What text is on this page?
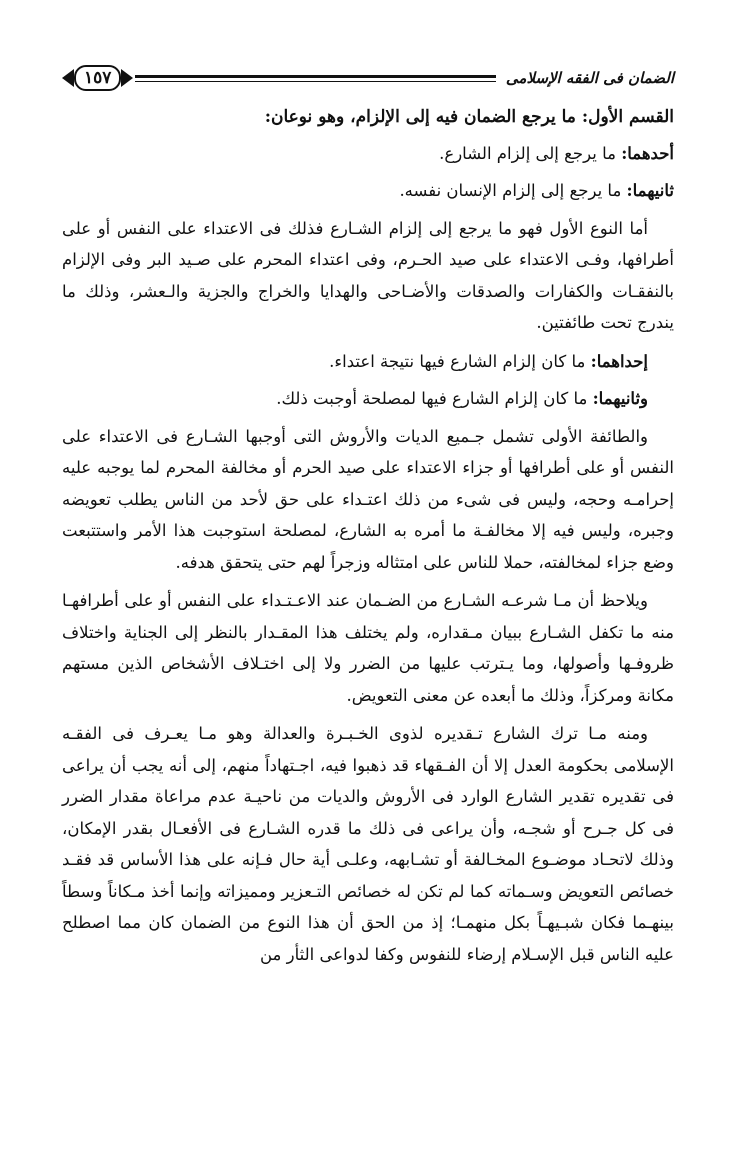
الضمان فى الفقه الإسلامى
١٥٧

القسم الأول: ما يرجع الضمان فيه إلى الإلزام، وهو نوعان:

أحدهما: ما يرجع إلى إلزام الشارع.

ثانيهما: ما يرجع إلى إلزام الإنسان نفسه.

أما النوع الأول فهو ما يرجع إلى إلزام الشـارع فذلك فى الاعتداء على النفس أو على أطرافها، وفـى الاعتداء على صيد الحـرم، وفى اعتداء المحرم على صـيد البر وفى الإلزام بالنفقـات والكفارات والصدقات والأضـاحى والهدايا والخراج والجزية والـعشر، وذلك ما يندرج تحت طائفتين.

إحداهما: ما كان إلزام الشارع فيها نتيجة اعتداء.

وثانيهما: ما كان إلزام الشارع فيها لمصلحة أوجبت ذلك.

والطائفة الأولى تشمل جـميع الديات والأروش التى أوجبها الشـارع فى الاعتداء على النفس أو على أطرافها أو جزاء الاعتداء على صيد الحرم أو مخالفة المحرم لما يوجبه عليه إحرامـه وحجه، وليس فى شىء من ذلك اعتـداء على حق لأحد من الناس يطلب تعويضه وجبره، وليس فيه إلا مخالفـة ما أمره به الشارع، لمصلحة استوجبت هذا الأمر واستتبعت وضع جزاء لمخالفته، حملا للناس على امتثاله وزجراً لهم حتى يتحقق هدفه.

ويلاحظ أن مـا شرعـه الشـارع من الضـمان عند الاعـتـداء على النفس أو على أطرافهـا منه ما تكفل الشـارع ببيان مـقداره، ولم يختلف هذا المقـدار بالنظر إلى الجناية واختلاف ظروفـها وأصولها، وما يـترتب عليها من الضرر ولا إلى اختـلاف الأشخاص الذين مستهم مكانة ومركزاً، وذلك ما أبعده عن معنى التعويض.

ومنه مـا ترك الشارع تـقديره لذوى الخـبـرة والعدالة وهو مـا يعـرف فى الفقـه الإسلامى بحكومة العدل إلا أن الفـقهاء قد ذهبوا فيه، اجـتهاداً منهم، إلى أنه يجب أن يراعى فى تقديره تقدير الشارع الوارد فى الأروش والديات من ناحيـة عدم مراعاة مقدار الضرر فى كل جـرح أو شجـه، وأن يراعى فى ذلك ما قدره الشـارع فى الأفعـال بقدر الإمكان، وذلك لاتحـاد موضـوع المخـالفة أو تشـابهه، وعلـى أية حال فـإنه على هذا الأساس قد فقـد خصائص التعويض وسـماته كما لم تكن له خصائص التـعزير ومميزاته وإنما أخذ مـكاناً وسطاً بينهـما فكان شبـيهـاً بكل منهمـا؛ إذ من الحق أن هذا النوع من الضمان كان مما اصطلح عليه الناس قبل الإسـلام إرضاء للنفوس وكفا لدواعى الثأر من
